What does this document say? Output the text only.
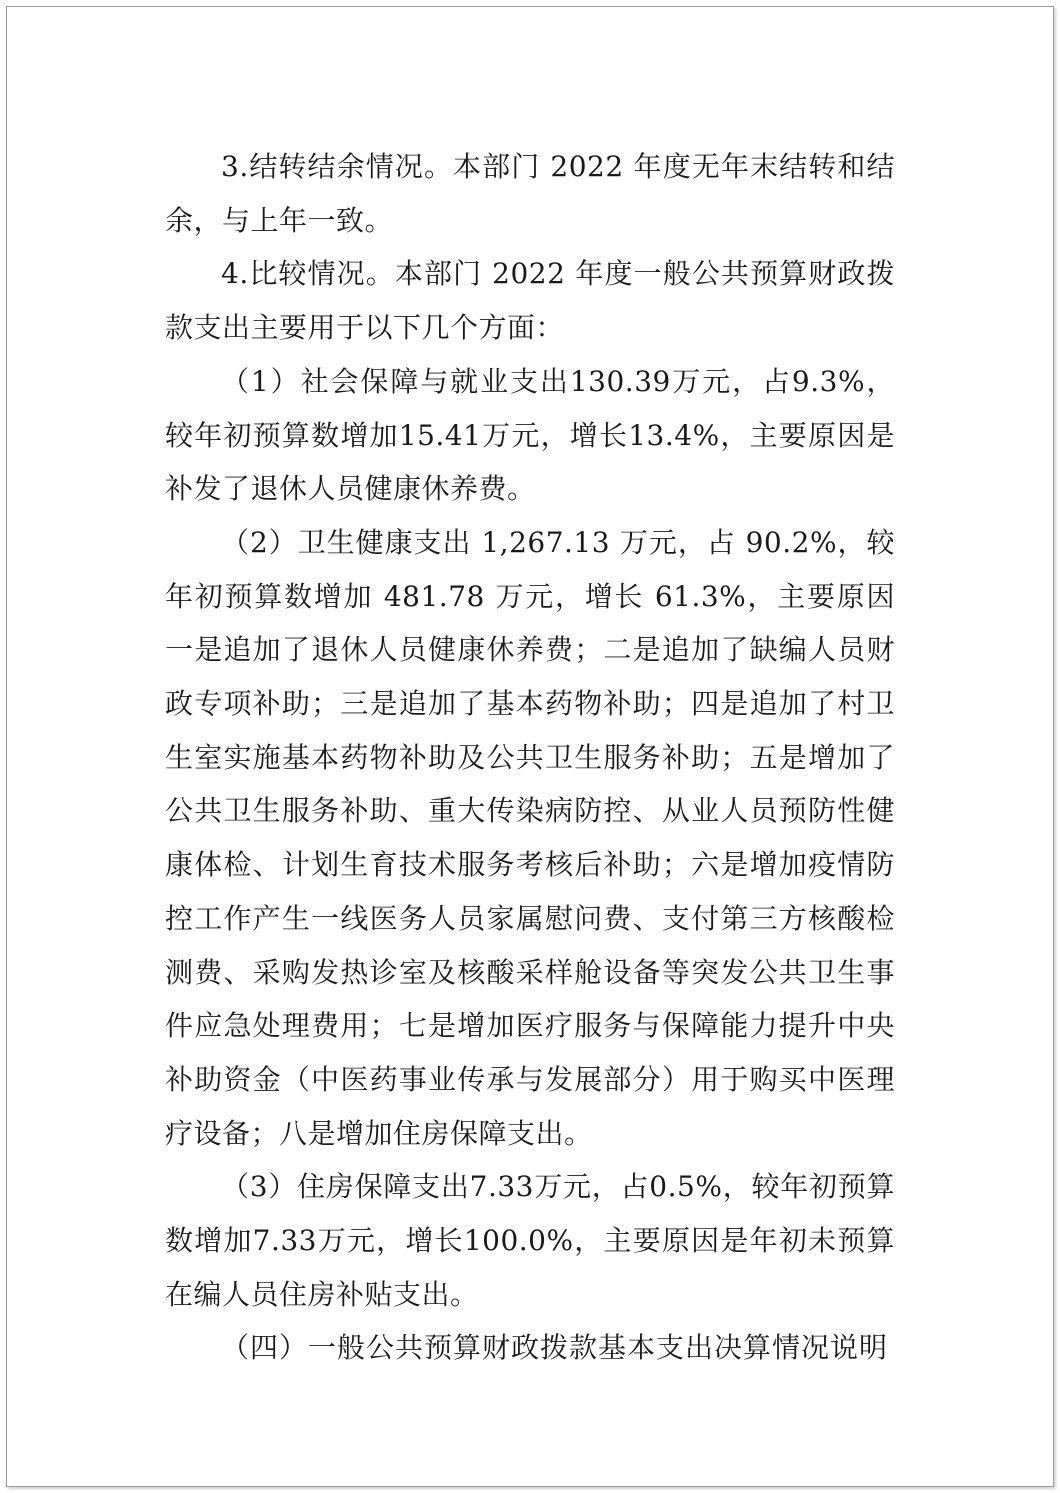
3.结转结余情况。本部门 2022 年度无年末结转和结余，与上年一致。

4.比较情况。本部门 2022 年度一般公共预算财政拨款支出主要用于以下几个方面：

（1）社会保障与就业支出130.39万元，占9.3%，较年初预算数增加15.41万元，增长13.4%，主要原因是补发了退休人员健康休养费。

（2）卫生健康支出 1,267.13 万元，占 90.2%，较年初预算数增加 481.78 万元，增长 61.3%，主要原因一是追加了退休人员健康休养费；二是追加了缺编人员财政专项补助；三是追加了基本药物补助；四是追加了村卫生室实施基本药物补助及公共卫生服务补助；五是增加了公共卫生服务补助、重大传染病防控、从业人员预防性健康体检、计划生育技术服务考核后补助；六是增加疫情防控工作产生一线医务人员家属慰问费、支付第三方核酸检测费、采购发热诊室及核酸采样舱设备等突发公共卫生事件应急处理费用；七是增加医疗服务与保障能力提升中央补助资金（中医药事业传承与发展部分）用于购买中医理疗设备；八是增加住房保障支出。

（3）住房保障支出7.33万元，占0.5%，较年初预算数增加7.33万元，增长100.0%，主要原因是年初未预算在编人员住房补贴支出。

（四）一般公共预算财政拨款基本支出决算情况说明
